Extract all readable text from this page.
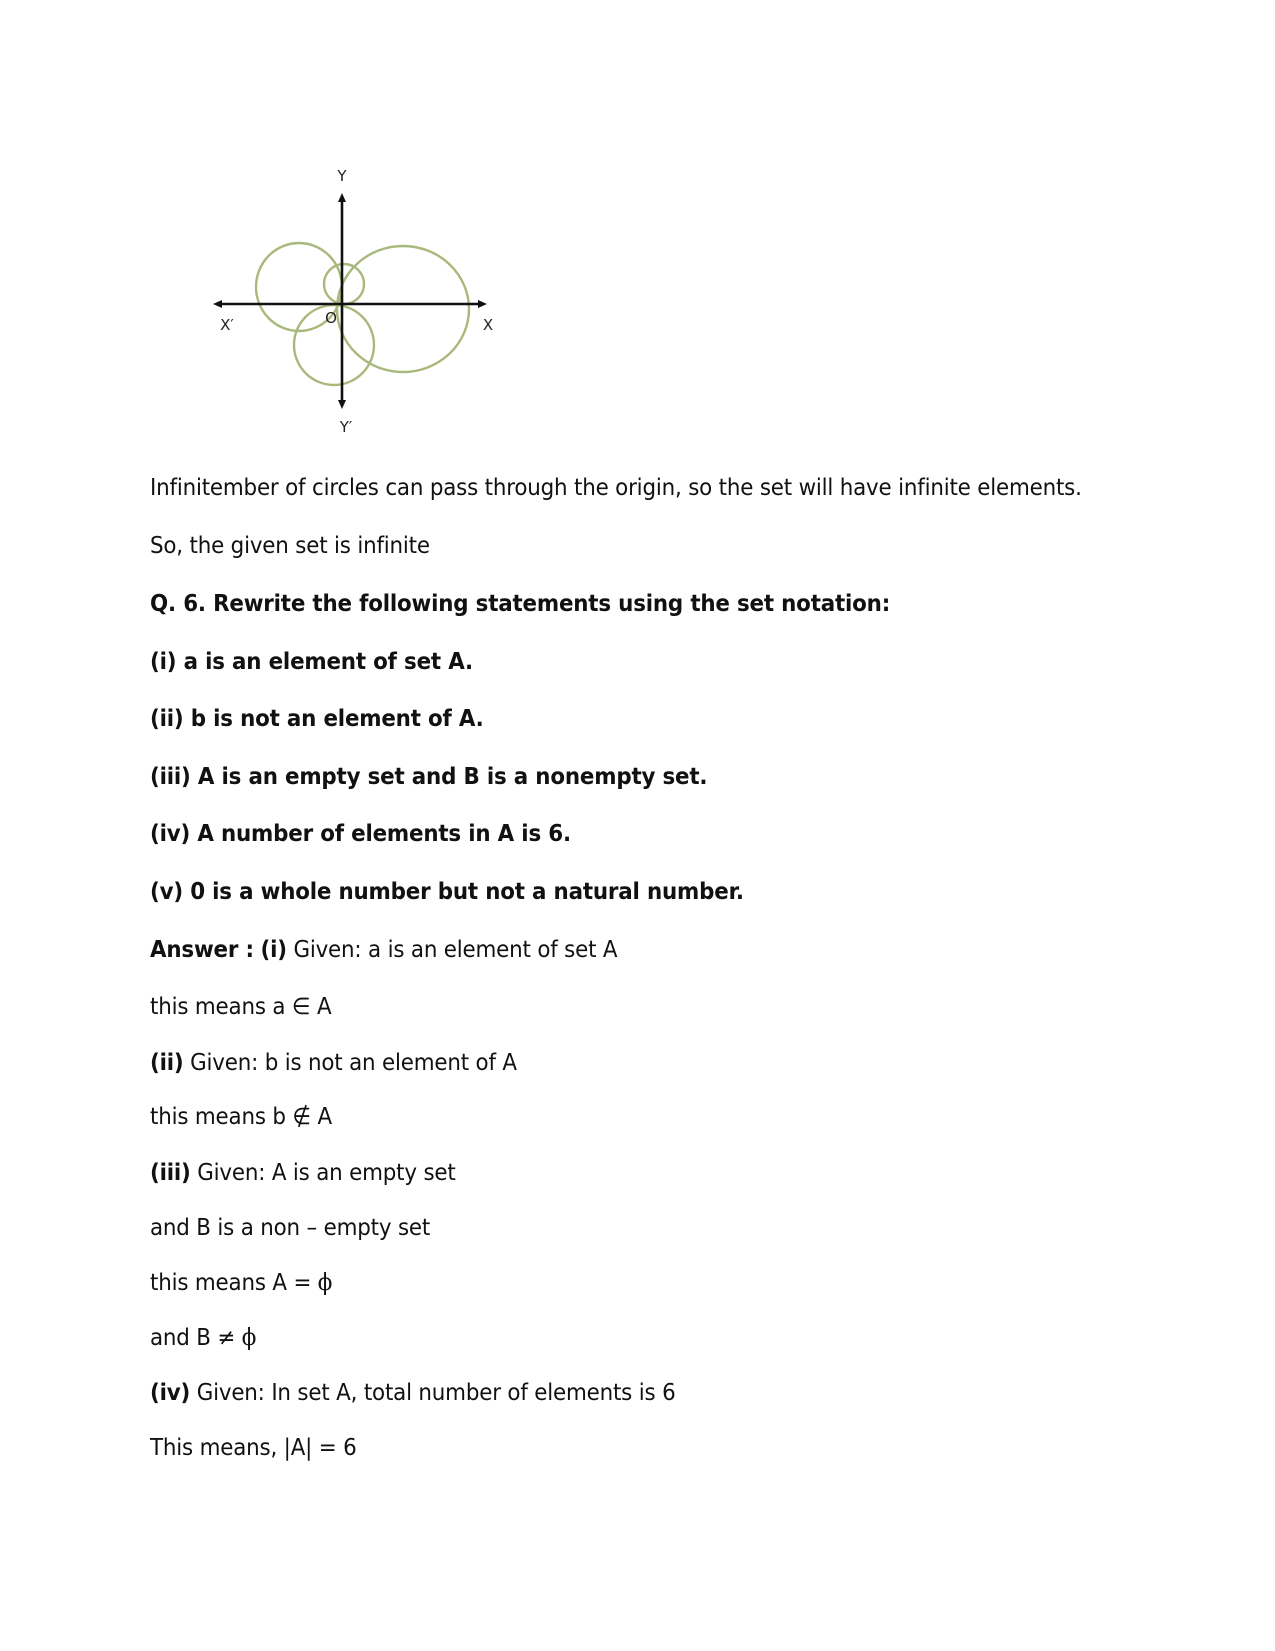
Y
Y′
X
X′	O
Infinitember of circles can pass through the origin, so the set will have infinite elements.
So, the given set is infinite
Q. 6. Rewrite the following statements using the set notation:
(i) a is an element of set A.
(ii) b is not an element of A.
(iii) A is an empty set and B is a nonempty set.
(iv) A number of elements in A is 6.
(v) 0 is a whole number but not a natural number.
Answer : (i) Given: a is an element of set A
this means a ∈ A
(ii) Given: b is not an element of A
this means b ∉ A
(iii) Given: A is an empty set
and B is a non – empty set
this means A = ϕ
and B ≠ ϕ
(iv) Given: In set A, total number of elements is 6
This means, |A| = 6
